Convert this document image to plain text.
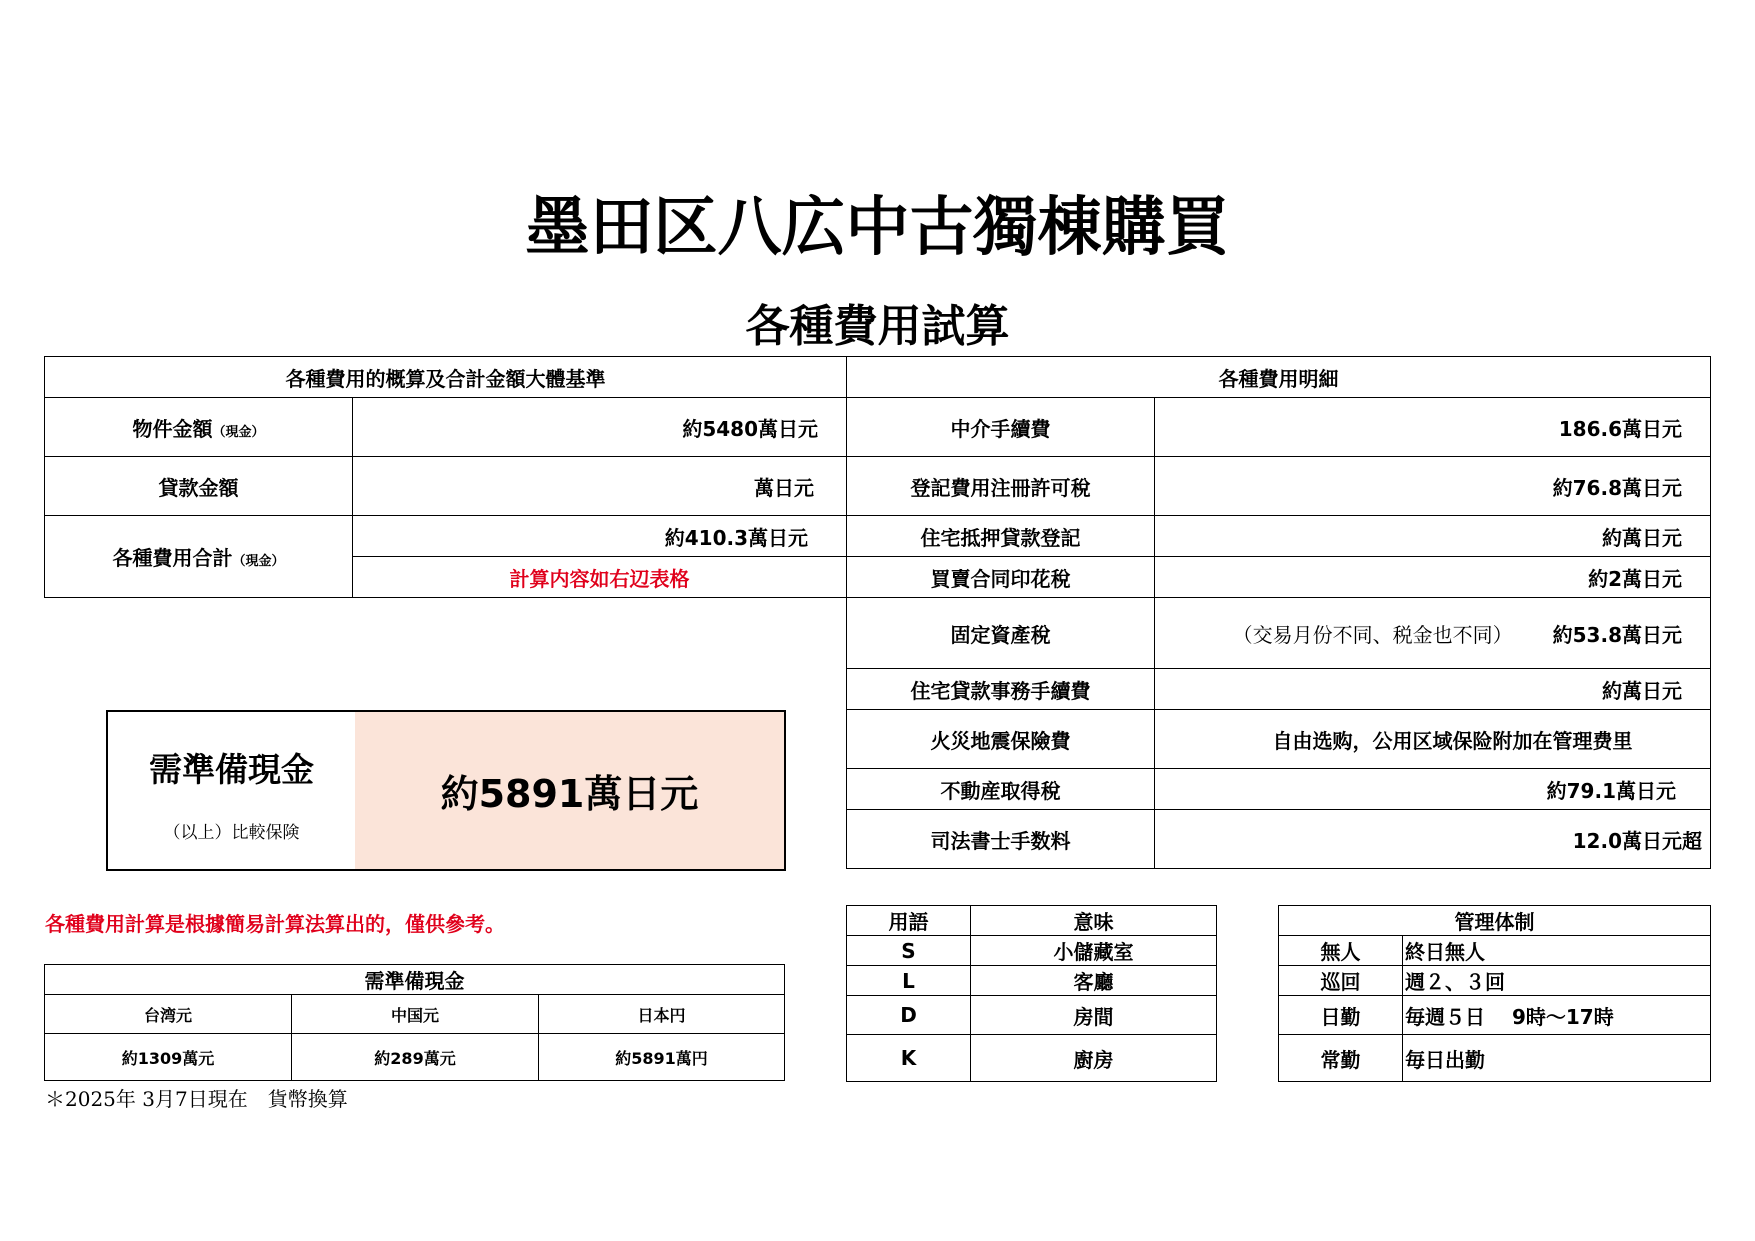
墨田区八広中古獨棟購買
各種費用試算
各種費用的概算及合計金額大體基準	
物件金額（現金）	約5480萬日元
貸款金額	萬日元
各種費用合計（現金）	約410.3萬日元
	計算内容如右辺表格
需準備現金
（以上）比較保険
約5891萬日元
各種費用計算是根據簡易計算法算出的，僅供參考。
需準備現金		
台湾元	中国元	日本円
約1309萬元	約289萬元	約5891萬円
＊2025年 3月7日現在　貨幣換算
各種費用明細	
中介手續費	186.6萬日元
登記費用注冊許可稅	約76.8萬日元
住宅抵押貸款登記	約萬日元
買賣合同印花稅	約2萬日元
固定資產稅	（交易月份不同、税金也不同） 約53.8萬日元
住宅貸款事務手續費	約萬日元
火災地震保險費	自由选购，公用区域保险附加在管理费里
不動産取得稅	約79.1萬日元
司法書士手数料	12.0萬日元超
用語	意味
S	小儲藏室
L	客廳
D	房間
K	廚房
管理体制	
無人	終日無人
巡回	週２、３回
日勤	毎週５日　 9時〜17時
常勤	毎日出勤
